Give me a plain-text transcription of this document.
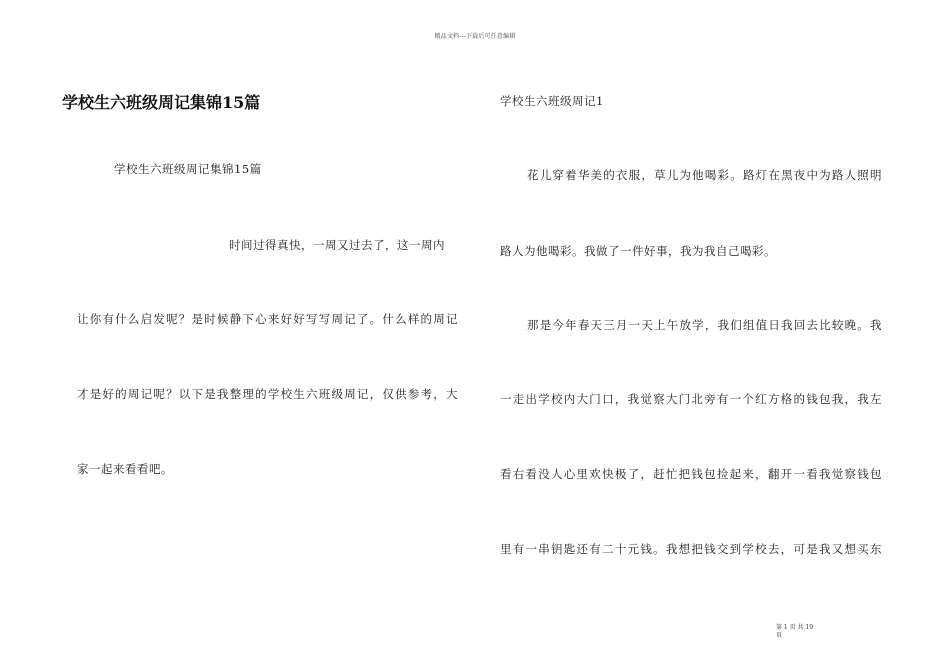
精品文档---下载后可任意编辑
学校生六班级周记集锦15篇

学校生六班级周记集锦15篇

时间过得真快，一周又过去了，这一周内

让你有什么启发呢？是时候静下心来好好写写周记了。什么样的周记

才是好的周记呢？以下是我整理的学校生六班级周记，仅供参考，大

家一起来看看吧。

学校生六班级周记1

花儿穿着华美的衣服，草儿为他喝彩。路灯在黑夜中为路人照明

路人为他喝彩。我做了一件好事，我为我自己喝彩。

那是今年春天三月一天上午放学，我们组值日我回去比较晚。我

一走出学校内大门口，我觉察大门北旁有一个红方格的钱包我，我左

看右看没人心里欢快极了，赶忙把钱包捡起来，翻开一看我觉察钱包

里有一串钥匙还有二十元钱。我想把钱交到学校去，可是我又想买东

第 1 页 共 19
页
